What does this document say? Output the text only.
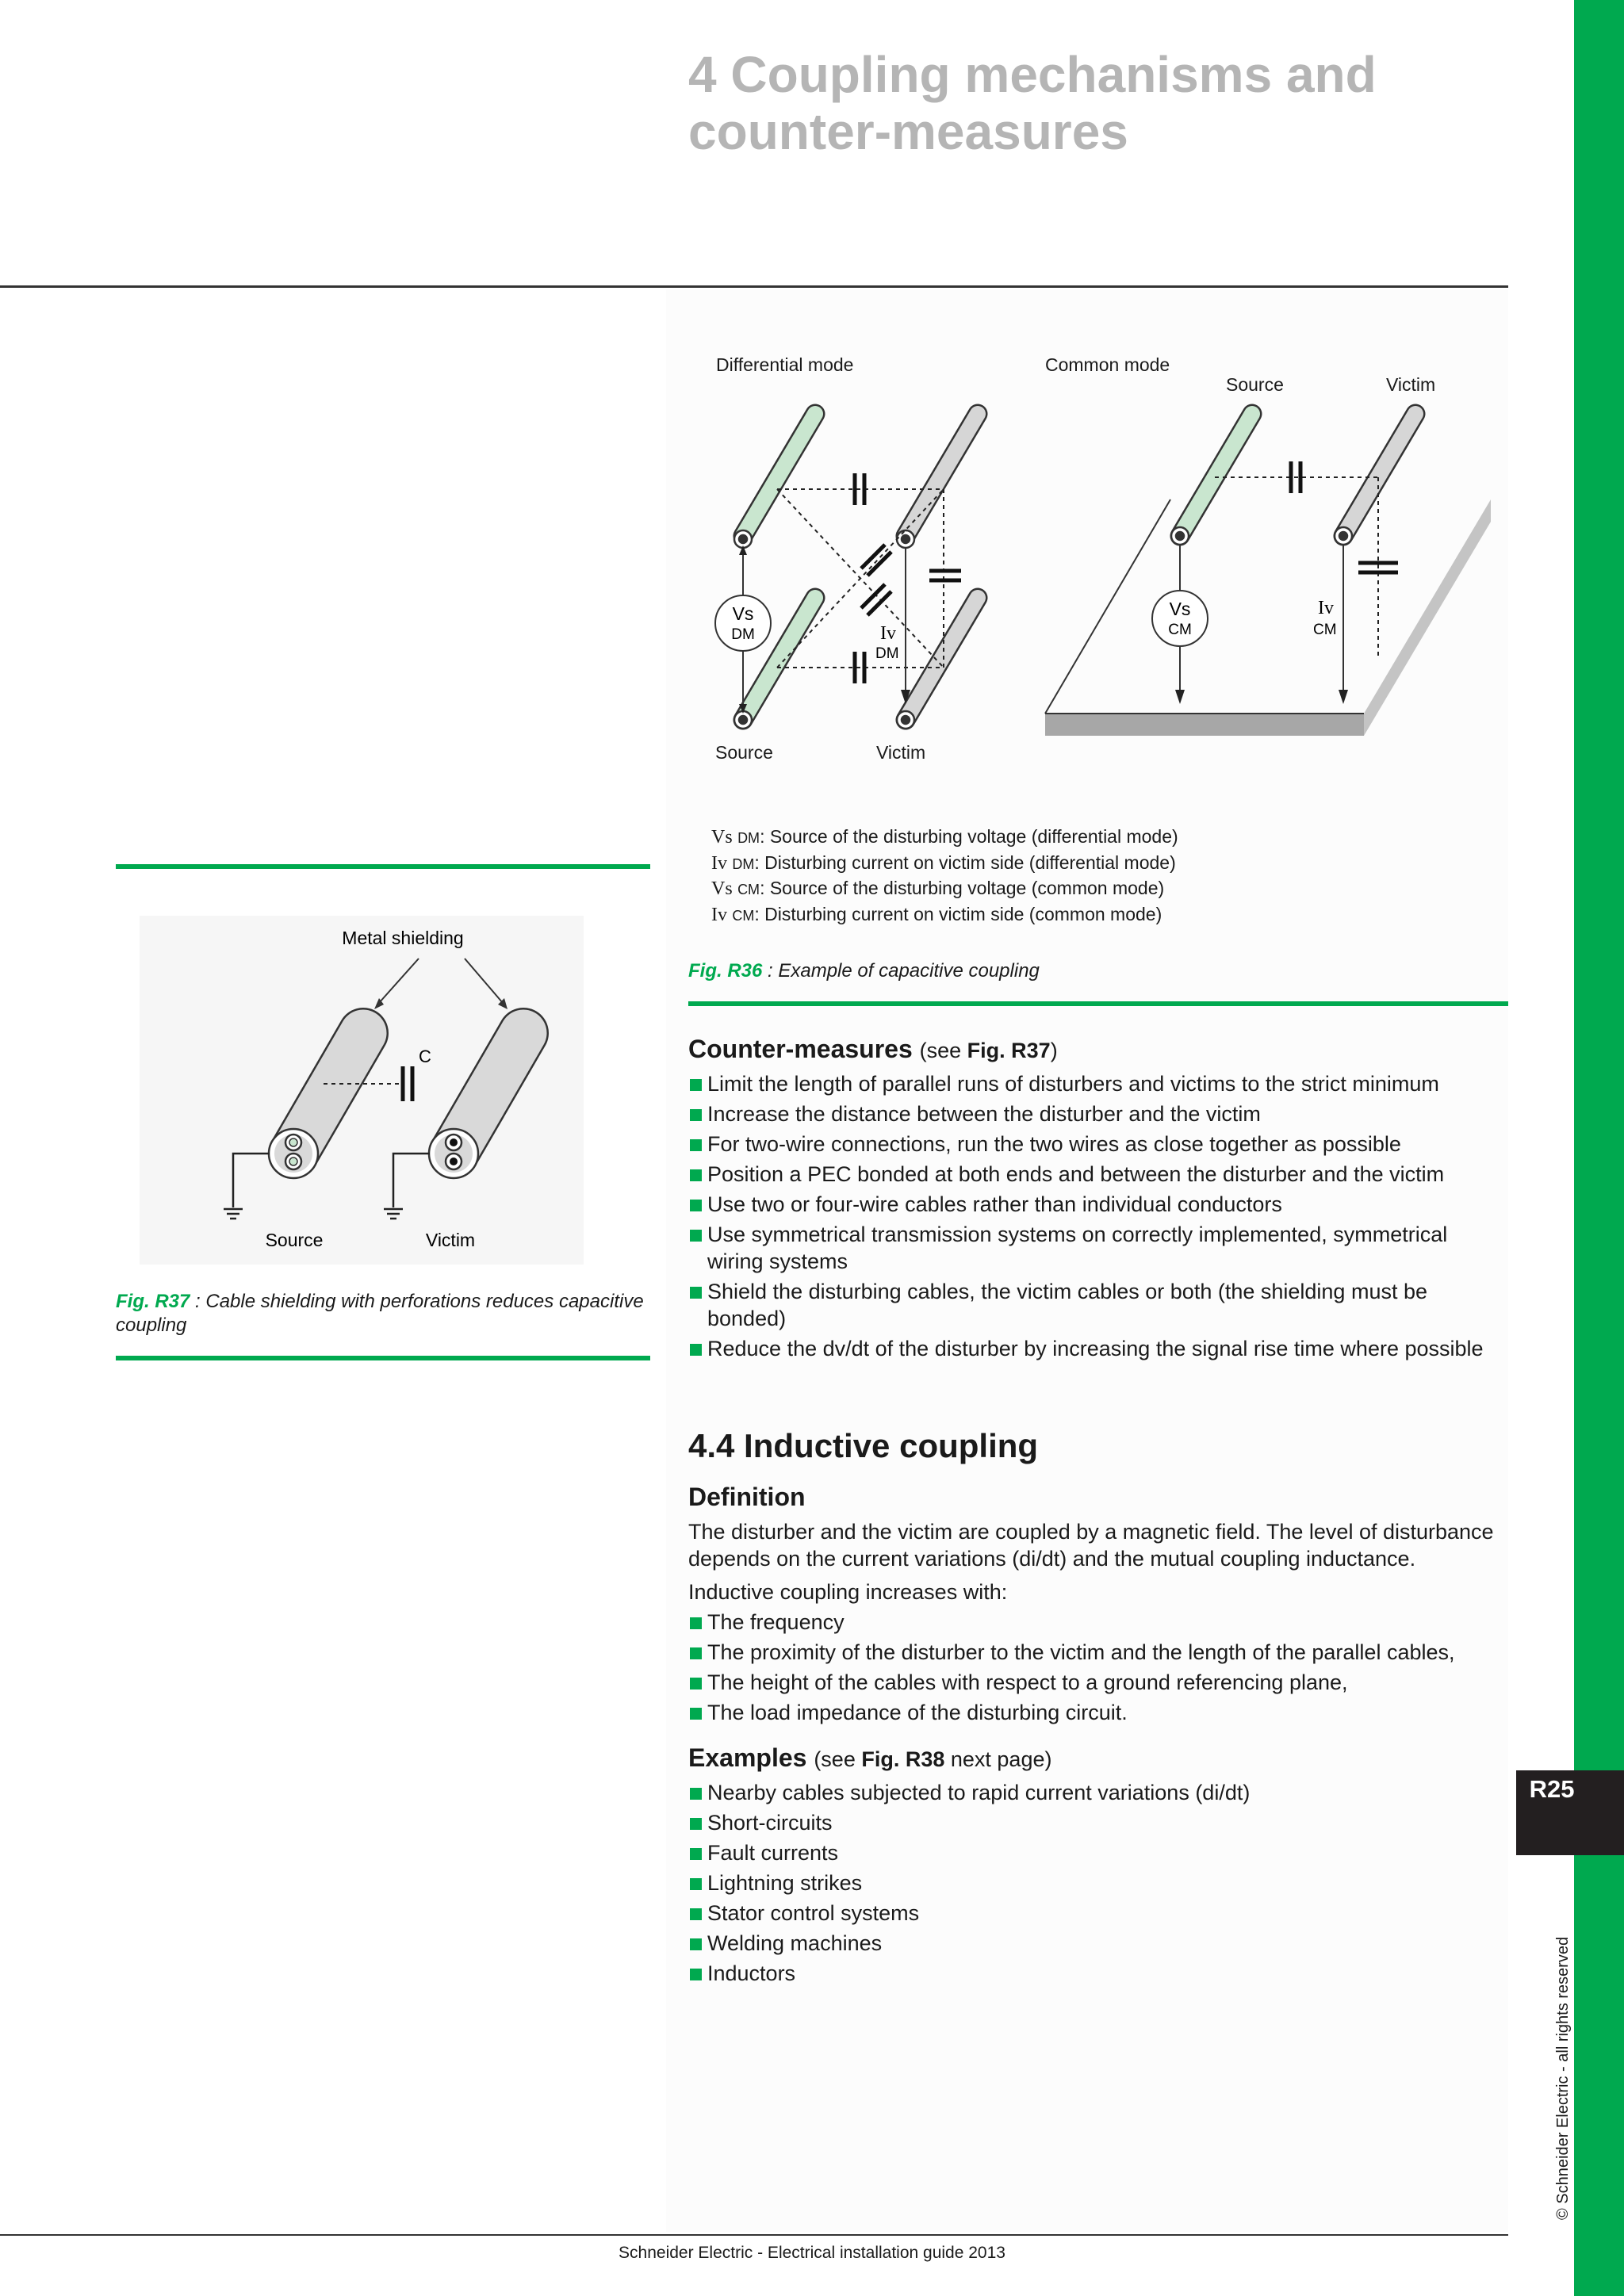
R25
© Schneider Electric - all rights reserved
4 Coupling mechanisms and
counter-measures
Differential mode	Common mode
Source	Victim
Source	Victim
Vs
DM	Iv
DM
Vs
CM
Iv
CM
Vs DM: Source of the disturbing voltage (differential mode)
Iv DM: Disturbing current on victim side (differential mode)
Vs CM: Source of the disturbing voltage (common mode)
Iv CM: Disturbing current on victim side (common mode)
Fig. R36 : Example of capacitive coupling
Metal shielding
C
Source	Victim
Fig. R37 : Cable shielding with perforations reduces capacitive coupling
Counter-measures (see Fig. R37)
Limit the length of parallel runs of disturbers and victims to the strict minimum
Increase the distance between the disturber and the victim
For two-wire connections, run the two wires as close together as possible
Position a PEC bonded at both ends and between the disturber and the victim
Use two or four-wire cables rather than individual conductors
Use symmetrical transmission systems on correctly implemented, symmetrical wiring systems
Shield the disturbing cables, the victim cables or both (the shielding must be bonded)
Reduce the dv/dt of the disturber by increasing the signal rise time where possible
4.4 Inductive coupling
Definition
The disturber and the victim are coupled by a magnetic field. The level of disturbance depends on the current variations (di/dt) and the mutual coupling inductance.
Inductive coupling increases with:
The frequency
The proximity of the disturber to the victim and the length of the parallel cables,
The height of the cables with respect to a ground referencing plane,
The load impedance of the disturbing circuit.
Examples (see Fig. R38 next page)
Nearby cables subjected to rapid current variations (di/dt)
Short-circuits
Fault currents
Lightning strikes
Stator control systems
Welding machines
Inductors
Schneider Electric - Electrical installation guide 2013
